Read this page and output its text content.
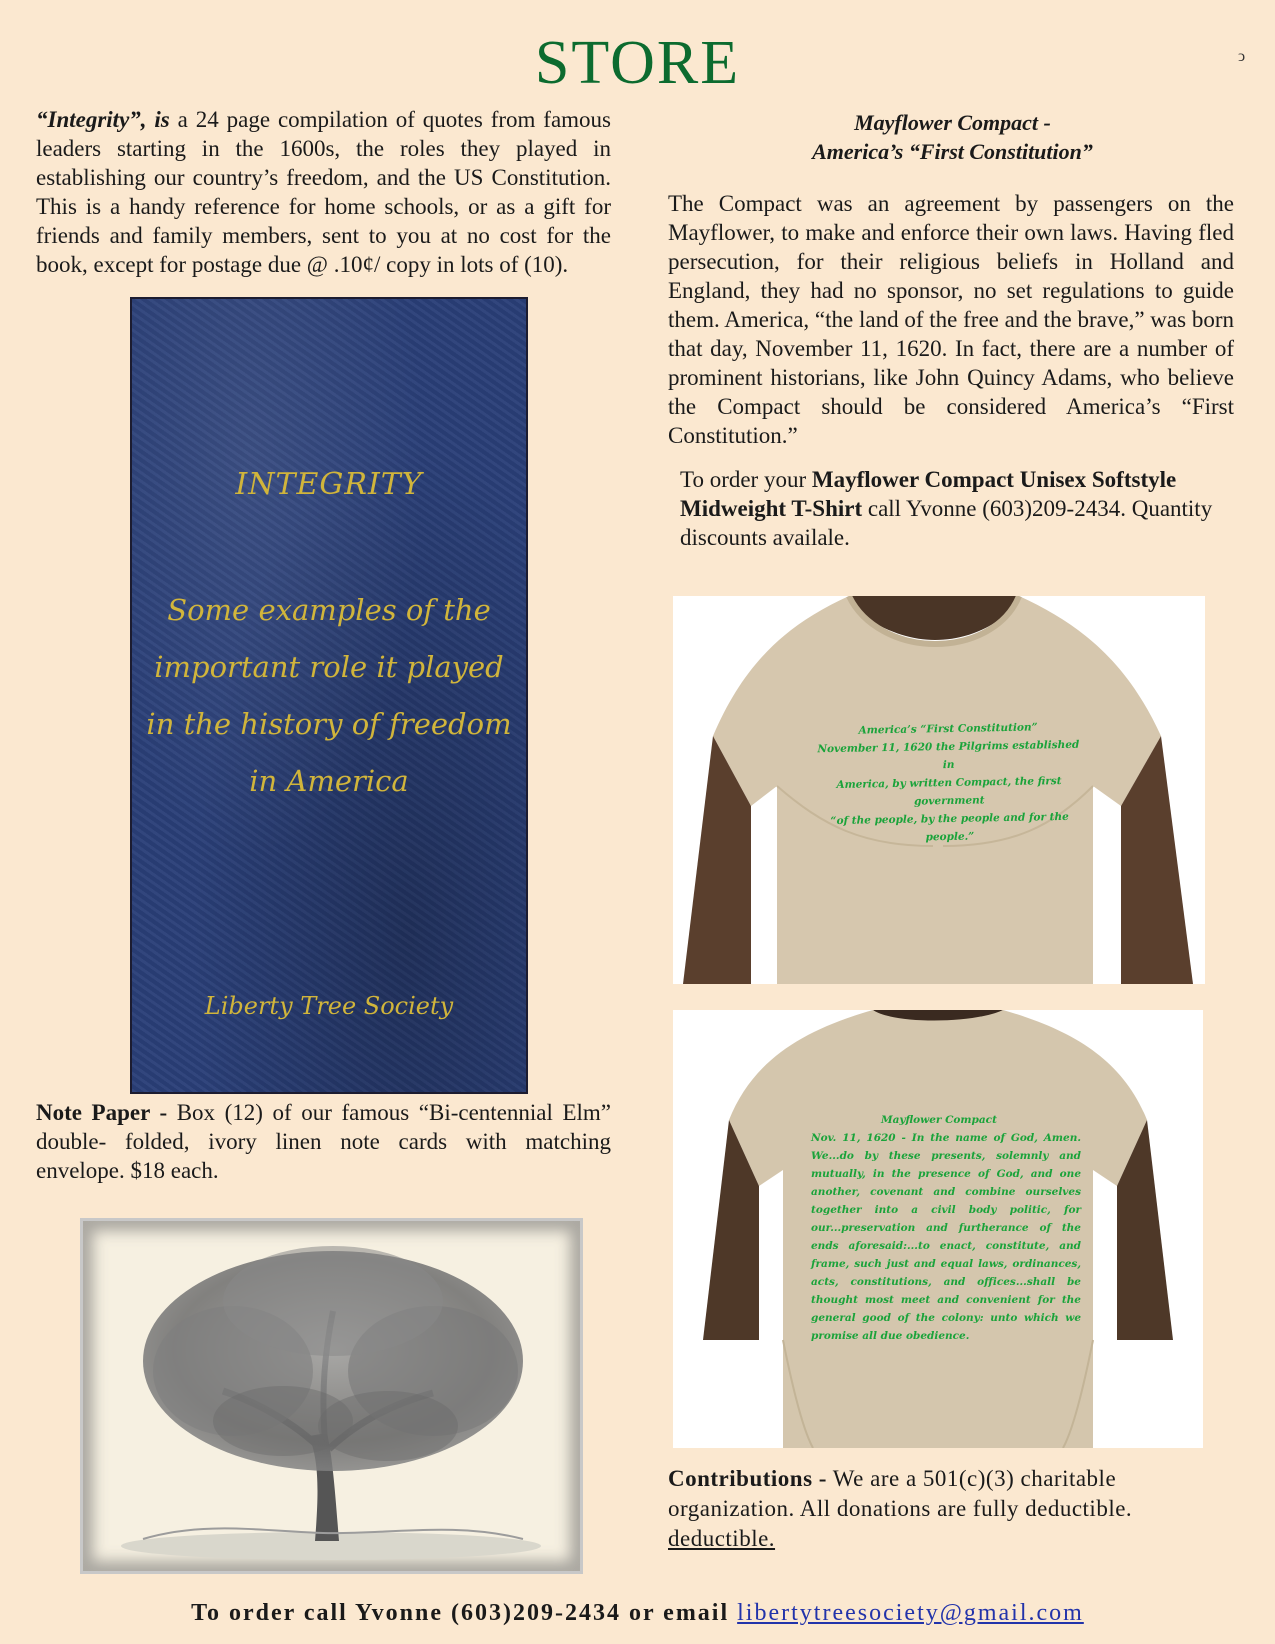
STORE	ↄ
“Integrity”, is a 24 page compilation of quotes from famous leaders starting in the 1600s, the roles they played in establishing our country’s freedom, and the US Constitution. This is a handy reference for home schools, or as a gift for friends and family members, sent to you at no cost for the book, except for postage due @ .10¢/ copy in lots of (10).
INTEGRITY
Some examples of the
important role it played
in the history of freedom
in America
Liberty Tree Society
Note Paper - Box (12) of our famous “Bi-centennial Elm” double- folded, ivory linen note cards with matching envelope. $18 each.
Mayflower Compact -
America’s “First Constitution”
The Compact was an agreement by passengers on the Mayflower, to make and enforce their own laws. Having fled persecution, for their religious beliefs in Holland and England, they had no sponsor, no set regulations to guide them. America, “the land of the free and the brave,” was born that day, November 11, 1620. In fact, there are a number of prominent historians, like John Quincy Adams, who believe the Compact should be considered America’s “First Constitution.”
To order your Mayflower Compact Unisex Softstyle Midweight T-Shirt call Yvonne (603)209-2434. Quantity discounts availale.
America’s “First Constitution”
November 11, 1620 the Pilgrims established in
America, by written Compact, the first government
“of the people, by the people and for the people.”
Mayflower Compact
Nov. 11, 1620 - In the name of God, Amen. We...do by these presents, solemnly and mutually, in the presence of God, and one another, covenant and combine ourselves together into a civil body politic, for our...preservation and furtherance of the ends aforesaid:...to enact, constitute, and frame, such just and equal laws, ordinances, acts, constitutions, and offices...shall be thought most meet and convenient for the general good of the colony: unto which we promise all due obedience.
Contributions - We are a 501(c)(3) charitable organization. All donations are fully deductible.
deductible.
To order call Yvonne (603)209-2434 or email libertytreesociety@gmail.com
